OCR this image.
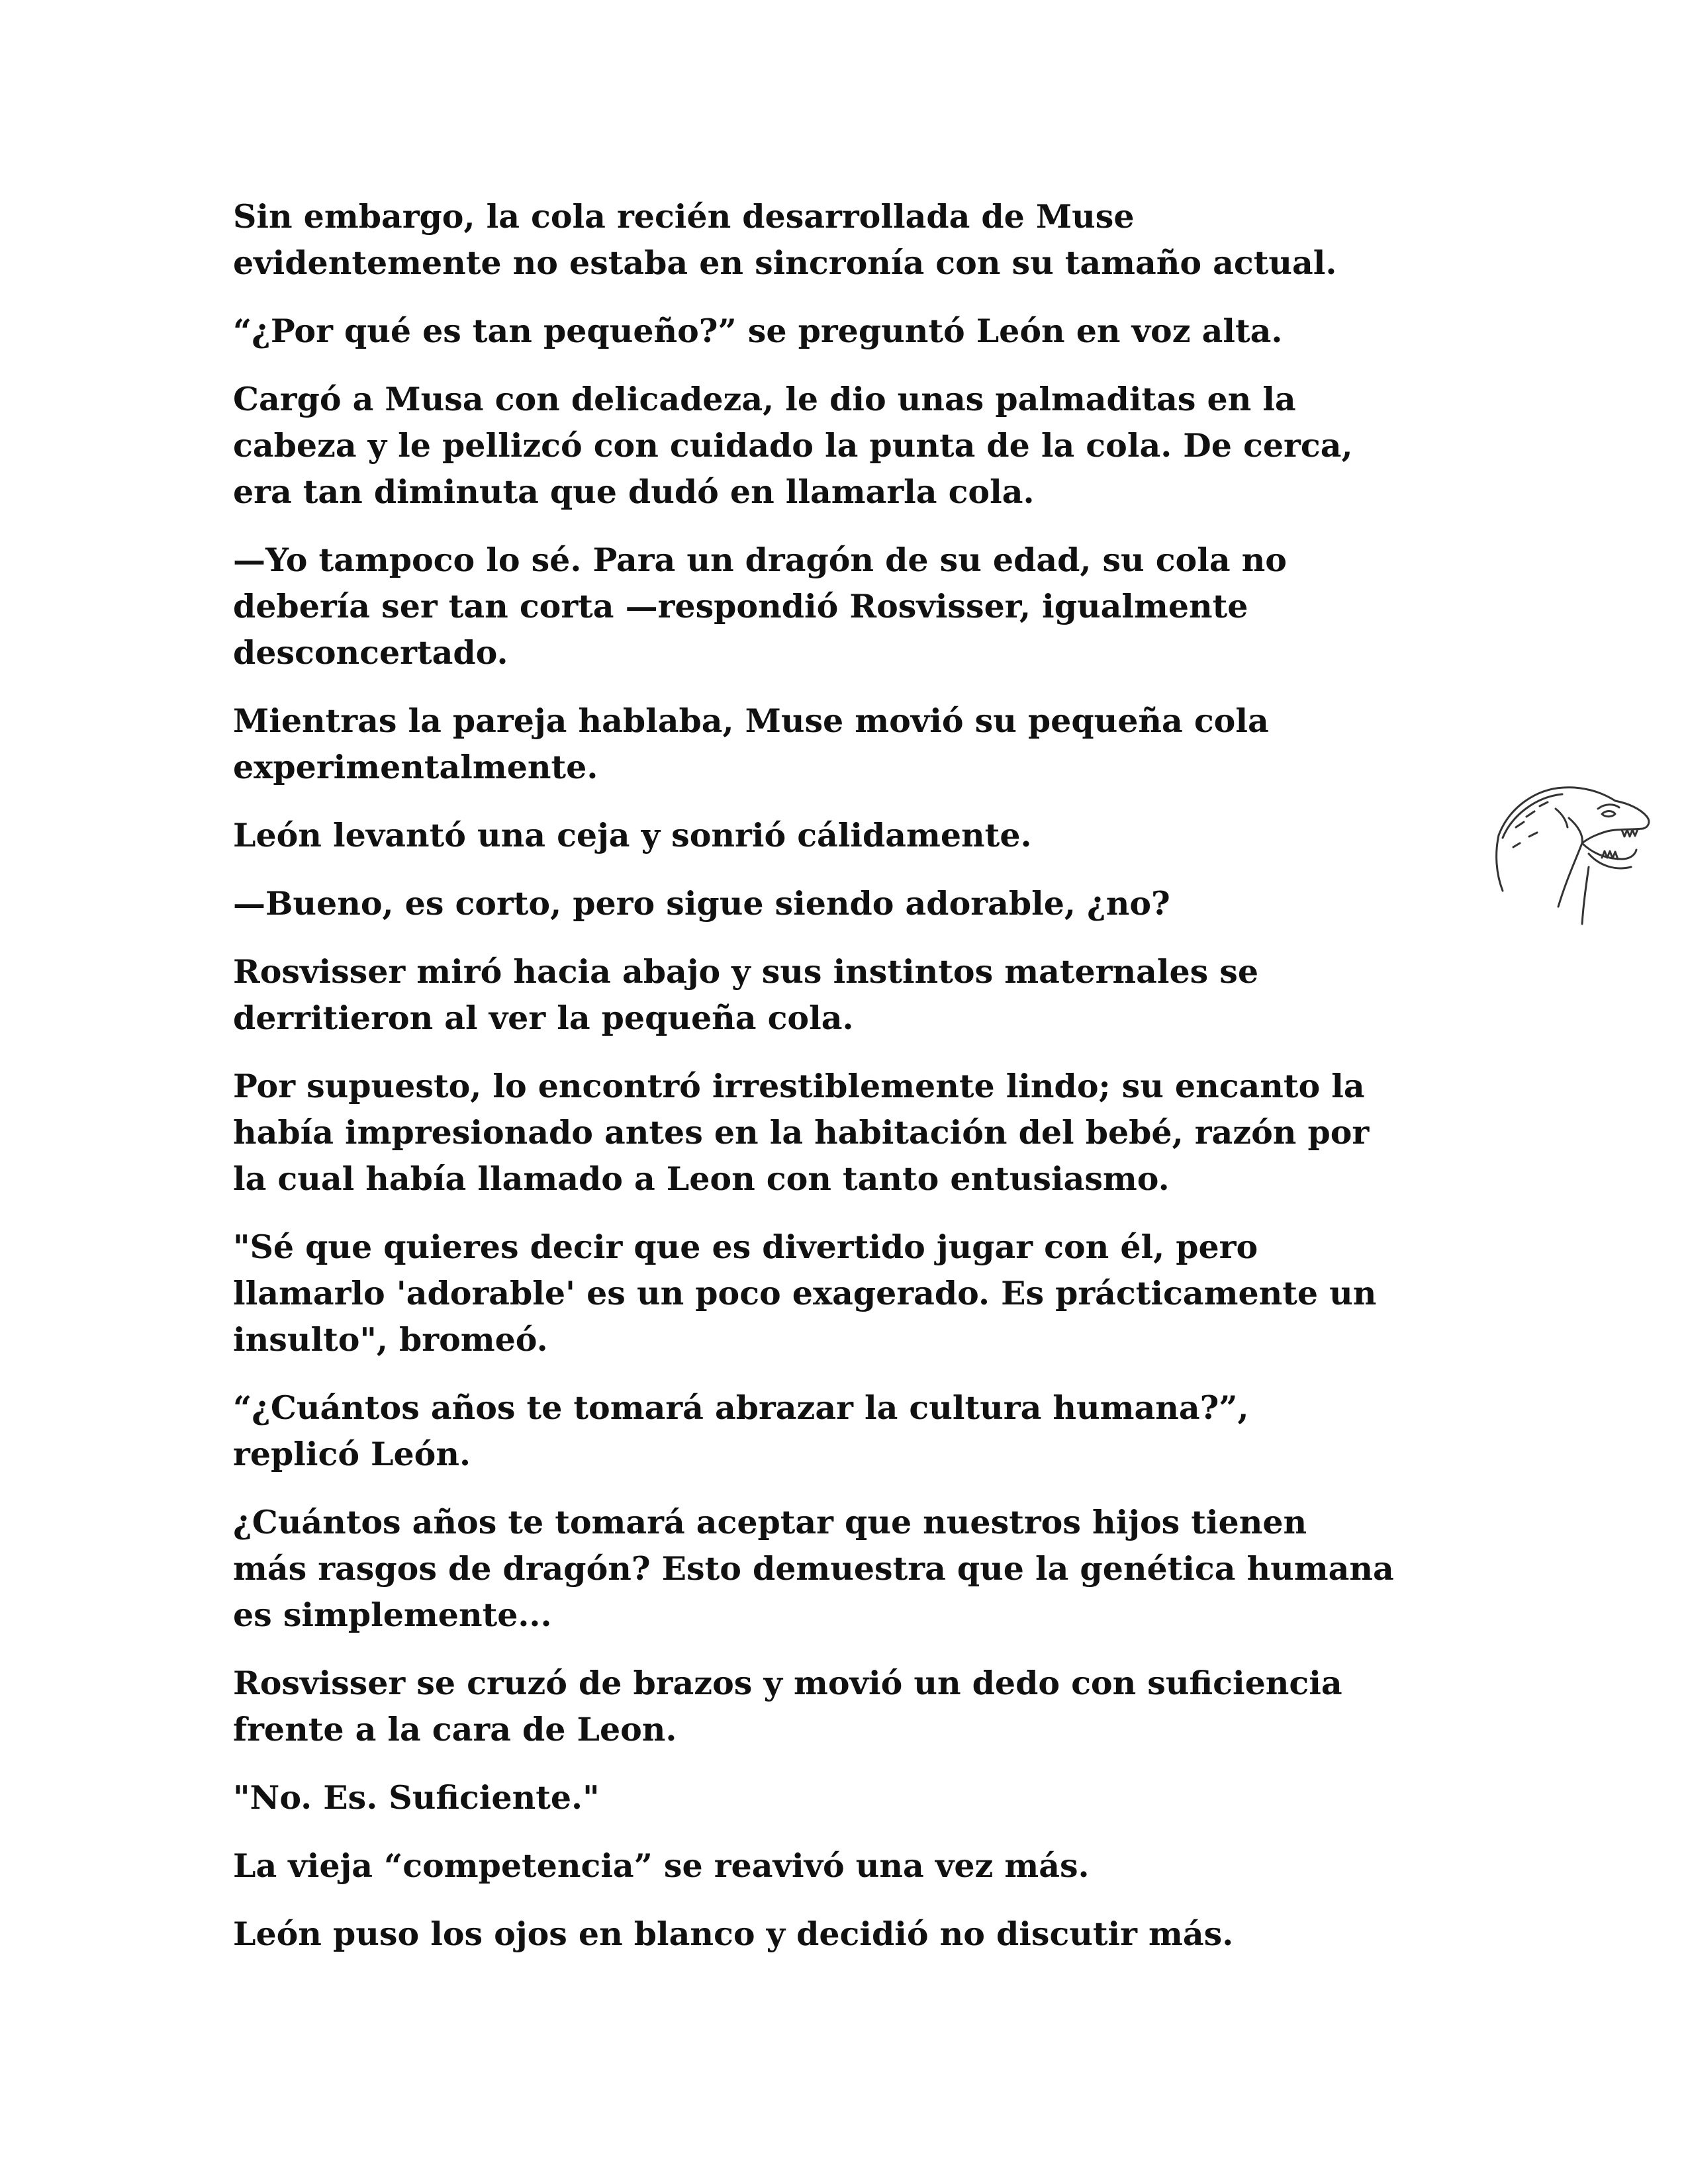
Sin embargo, la cola recién desarrollada de Muse
evidentemente no estaba en sincronía con su tamaño actual.

“¿Por qué es tan pequeño?” se preguntó León en voz alta.

Cargó a Musa con delicadeza, le dio unas palmaditas en la
cabeza y le pellizcó con cuidado la punta de la cola. De cerca,
era tan diminuta que dudó en llamarla cola.

—Yo tampoco lo sé. Para un dragón de su edad, su cola no
debería ser tan corta —respondió Rosvisser, igualmente
desconcertado.

Mientras la pareja hablaba, Muse movió su pequeña cola
experimentalmente.

León levantó una ceja y sonrió cálidamente.

—Bueno, es corto, pero sigue siendo adorable, ¿no?

Rosvisser miró hacia abajo y sus instintos maternales se
derritieron al ver la pequeña cola.

Por supuesto, lo encontró irrestiblemente lindo; su encanto la
había impresionado antes en la habitación del bebé, razón por
la cual había llamado a Leon con tanto entusiasmo.

"Sé que quieres decir que es divertido jugar con él, pero
llamarlo 'adorable' es un poco exagerado. Es prácticamente un
insulto", bromeó.

“¿Cuántos años te tomará abrazar la cultura humana?”,
replicó León.

¿Cuántos años te tomará aceptar que nuestros hijos tienen
más rasgos de dragón? Esto demuestra que la genética humana
es simplemente...

Rosvisser se cruzó de brazos y movió un dedo con suficiencia
frente a la cara de Leon.

"No. Es. Suficiente."

La vieja “competencia” se reavivó una vez más.

León puso los ojos en blanco y decidió no discutir más.
